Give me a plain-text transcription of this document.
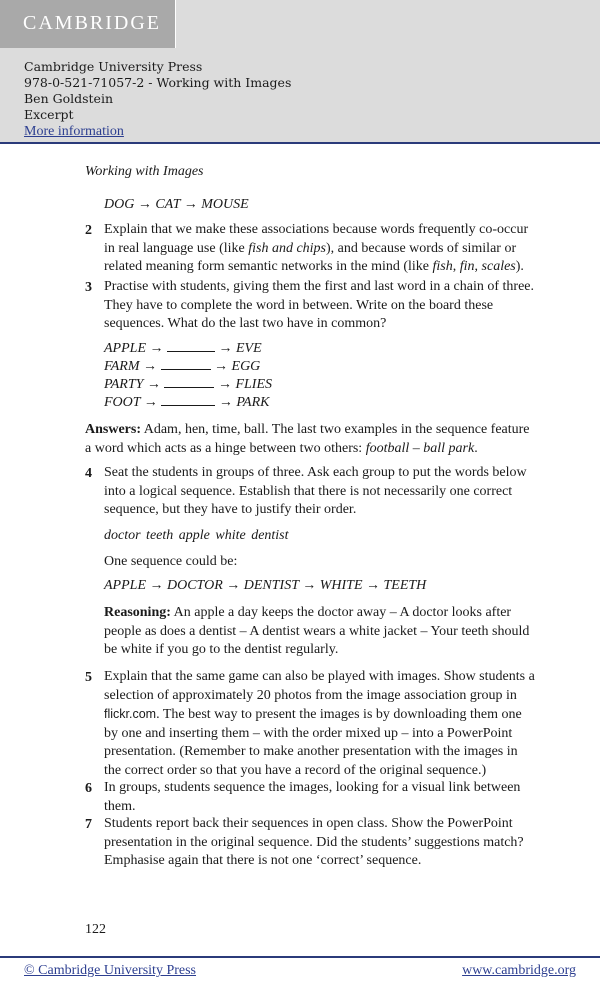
CAMBRIDGE
Cambridge University Press
978-0-521-71057-2 - Working with Images
Ben Goldstein
Excerpt
More information
Working with Images
DOG → CAT → MOUSE
2 Explain that we make these associations because words frequently co-occur in real language use (like fish and chips), and because words of similar or related meaning form semantic networks in the mind (like fish, fin, scales).
3 Practise with students, giving them the first and last word in a chain of three. They have to complete the word in between. Write on the board these sequences. What do the last two have in common?
APPLE →	→ EVE
FARM →	→ EGG
PARTY →	→ FLIES
FOOT →	→ PARK
Answers: Adam, hen, time, ball. The last two examples in the sequence feature a word which acts as a hinge between two others: football – ball park.
4 Seat the students in groups of three. Ask each group to put the words below into a logical sequence. Establish that there is not necessarily one correct sequence, but they have to justify their order.
doctor teeth apple white dentist
One sequence could be:
APPLE → DOCTOR → DENTIST → WHITE → TEETH
Reasoning: An apple a day keeps the doctor away – A doctor looks after people as does a dentist – A dentist wears a white jacket – Your teeth should be white if you go to the dentist regularly.
5 Explain that the same game can also be played with images. Show students a selection of approximately 20 photos from the image association group in flickr.com. The best way to present the images is by downloading them one by one and inserting them – with the order mixed up – into a PowerPoint presentation. (Remember to make another presentation with the images in the correct order so that you have a record of the original sequence.)
6 In groups, students sequence the images, looking for a visual link between them.
7 Students report back their sequences in open class. Show the PowerPoint presentation in the original sequence. Did the students’ suggestions match? Emphasise again that there is not one ‘correct’ sequence.
122
© Cambridge University Press	www.cambridge.org
